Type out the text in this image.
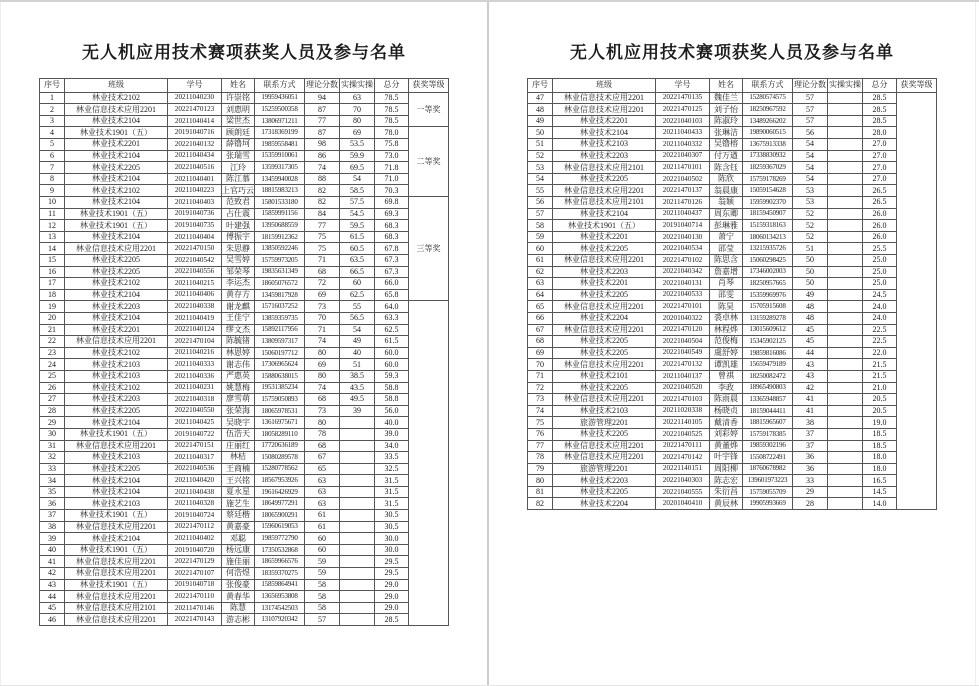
无人机应用技术赛项获奖人员及参与名单
序号	班级	学号	姓名	联系方式	理论分数	实操实操	总分	获奖等级
1	林业技术2102	20211040230	许崇铭	19959436051	94	63	78.5	一等奖
2	林业信息技术应用2201	20221470123	刘惠明	15259500358	87	70	78.5	
3	林业技术2104	20211040414	梁世杰	13806971211	77	80	78.5	
4	林业技术1901（五）	20191040716	顾朗廷	17318369199	87	69	78.0	二等奖
5	林业技术2201	20221040132	薛镥坷	19859558481	98	53.5	75.8	
6	林业技术2104	20211040434	张瑞雪	15359910061	86	59.9	73.0	
7	林业技术2205	20221040516	江玲	13599317305	74	69.5	71.8	
8	林业技术2104	20211040401	陈江慕	13459940028	88	54	71.0	
9	林业技术2102	20211040223	上官巧云	18815983213	82	58.5	70.3	
10	林业技术2104	20211040403	范致君	15801533180	82	57.5	69.8	三等奖
11	林业技术1901（五）	20191040736	占仕震	15859991156	84	54.5	69.3	
12	林业技术1901（五）	20191040735	叶建强	13950688559	77	59.5	68.3	
13	林业技术2104	20211040404	傅振宇	18159912362	75	61.5	68.3	
14	林业信息技术应用2201	20221470150	朱思静	13850592246	75	60.5	67.8	
15	林业技术2205	20221040542	吴雪婷	15759973205	71	63.5	67.3	
16	林业技术2205	20221040556	邹荣琴	19835631349	68	66.5	67.3	
17	林业技术2102	20211040215	李运杰	18605076572	72	60	66.0	
18	林业技术2104	20211040406	黄存方	13459817928	69	62.5	65.8	
19	林业技术2203	20221040338	谢龙麒	15716037252	73	55	64.0	
20	林业技术2104	20211040419	王佳宁	13859359735	70	56.5	63.3	
21	林业技术2201	20221040124	缪文杰	15892117956	71	54	62.5	
22	林业信息技术应用2201	20221470104	陈毓锗	13809597317	74	49	61.5	
23	林业技术2102	20211040216	林恩婷	15060197712	80	40	60.0	
24	林业技术2103	20211040333	谢志伟	17306965624	69	51	60.0	
25	林业技术2103	20211040336	严惠英	15880638015	80	38.5	59.3	
26	林业技术2102	20211040231	姚慧梅	19531385234	74	43.5	58.8	
27	林业技术2203	20221040318	廖雪萌	15759050893	68	49.5	58.8	
28	林业技术2205	20221040550	张荣海	18065978531	73	39	56.0	
29	林业技术2104	20211040425	吴晓宇	13616975671	80		40.0	
30	林业技术1901（五）	20191040722	伍浩天	18058289110	78		39.0	
31	林业信息技术应用2201	20221470151	庄丽红	17720636189	68		34.0	
32	林业技术2103	20211040317	林桔	15080289578	67		33.5	
33	林业技术2205	20221040536	王商楠	15280778562	65		32.5	
34	林业技术2104	20211040420	王兴铭	18567953926	63		31.5	
35	林业技术2104	20211040438	夏永星	19616426929	63		31.5	
36	林业技术2103	20211040328	施艺生	18649977291	63		31.5	
37	林业技术1901（五）	20191040724	蔡廷楷	18065900291	61		30.5	
38	林业信息技术应用2201	20221470112	黄嘉豪	15960619053	61		30.5	
39	林业技术2104	20211040402	邓聪	19859772790	60		30.0	
40	林业技术1901（五）	20191040720	杨远康	17350532868	60		30.0	
41	林业信息技术应用2201	20221470129	施佳丽	18659966576	59		29.5	
42	林业信息技术应用2201	20221470107	何浩煜	18359370275	59		29.5	
43	林业技术1901（五）	20191040718	张俊豪	15859864941	58		29.0	
44	林业信息技术应用2201	20221470110	黄春华	13656953808	58		29.0	
45	林业信息技术应用2101	20211470146	陈慧	13174542503	58		29.0	
46	林业信息技术应用2201	20221470143	游志彬	13107920342	57		28.5	
无人机应用技术赛项获奖人员及参与名单
序号	班级	学号	姓名	联系方式	理论分数	实操实操	总分	获奖等级
47	林业信息技术应用2201	20221470135	魏佳兰	15280574575	57		28.5	
48	林业信息技术应用2201	20221470125	刘子怡	18250967592	57		28.5	
49	林业技术2201	20221040103	陈淑玲	13489266202	57		28.5	
50	林业技术2104	20211040433	张琳洁	19890060515	56		28.0	
51	林业技术2103	20211040332	吴镥榕	13675913338	54		27.0	
52	林业技术2203	20221040307	付万遒	17338830932	54		27.0	
53	林业信息技术应用2101	20211470101	陈含钰	18259367029	54		27.0	
54	林业技术2205	20221040502	陈欣	15759178269	54		27.0	
55	林业信息技术应用2201	20221470137	翁晨康	15059154628	53		26.5	
56	林业信息技术应用2101	20211470126	翁颖	15959902370	53		26.5	
57	林业技术2104	20211040437	周东卿	18159450907	52		26.0	
58	林业技术1901（五）	20191040714	彭琳雅	15159318163	52		26.0	
59	林业技术2201	20221040130	萧宁	18060134213	52		26.0	
60	林业技术2205	20221040534	邵莹	13215935726	51		25.5	
61	林业信息技术应用2201	20221470102	陈思含	15060298425	50		25.0	
62	林业技术2203	20221040342	詹嘉增	17346002003	50		25.0	
63	林业技术2201	20221040131	肖琴	18250957665	50		25.0	
64	林业技术2205	20221040533	邵雯	15359969976	49		24.5	
65	林业信息技术应用2201	20221470101	陈昊	15705915608	48		24.0	
66	林业技术2204	20201040322	裘卓林	13159289278	48		24.0	
67	林业信息技术应用2201	20221470120	林程烨	13015609612	45		22.5	
68	林业技术2205	20221040504	范俊梅	15345902125	45		22.5	
69	林业技术2205	20221040549	虞舒婷	19859816086	44		22.0	
70	林业信息技术应用2201	20221470132	谭凯雄	15659479189	43		21.5	
71	林业技术2101	20211040137	曾祺	18250082472	43		21.5	
72	林业技术2205	20221040520	李政	18965490803	42		21.0	
73	林业信息技术应用2201	20221470103	陈雨晨	13365948857	41		20.5	
74	林业技术2103	20211020338	杨晓贞	18159044411	41		20.5	
75	旅游管理2201	20221140105	戴清香	18815965607	38		19.0	
76	林业技术2205	20221040525	刘彩婷	15759178385	37		18.5	
77	林业信息技术应用2201	20221470111	黄董烨	19859302196	37		18.5	
78	林业信息技术应用2201	20221470142	叶宇锋	15508722491	36		18.0	
79	旅游管理2201	20221140151	周阳柳	18760678982	36		18.0	
80	林业技术2203	20221040303	陈志宏	139601973223	33		16.5	
81	林业技术2205	20221040555	朱衍昌	15759055709	29		14.5	
82	林业技术2204	20201040410	黄辰林	19905993669	28		14.0	
